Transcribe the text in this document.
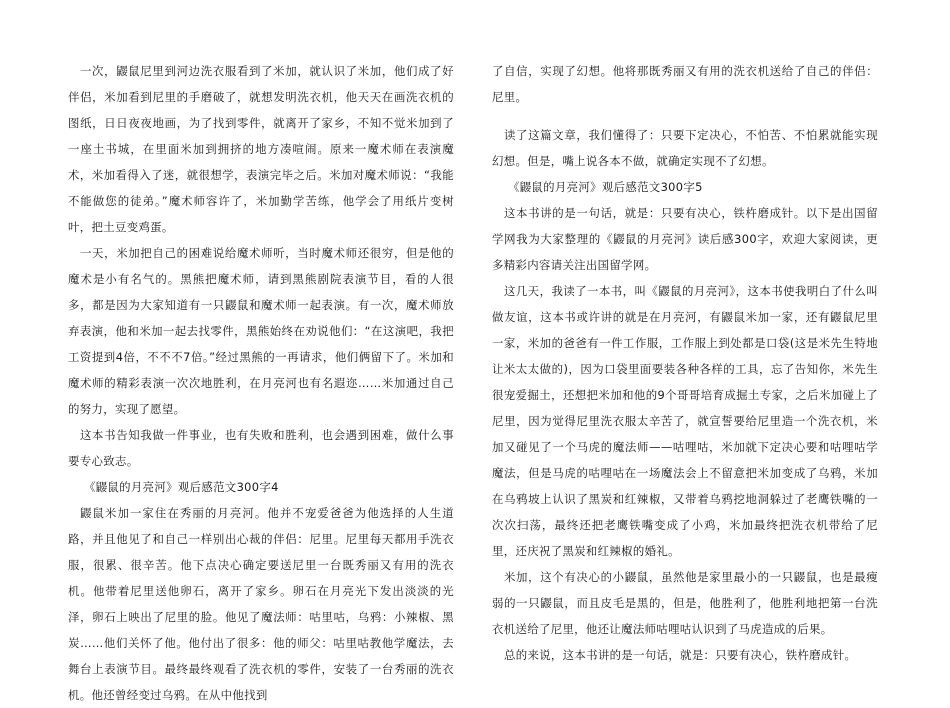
一次，鼹鼠尼里到河边洗衣服看到了米加，就认识了米加，他们成了好伴侣，米加看到尼里的手磨破了，就想发明洗衣机，他天天在画洗衣机的图纸，日日夜夜地画，为了找到零件，就离开了家乡，不知不觉米加到了一座土书城，在里面米加到拥挤的地方凑喧闹。原来一魔术师在表演魔术，米加看得入了迷，就很想学，表演完毕之后。米加对魔术师说：“我能不能做您的徒弟。”魔术师容许了，米加勤学苦练，他学会了用纸片变树叶，把土豆变鸡蛋。

一天，米加把自己的困难说给魔术师听，当时魔术师还很穷，但是他的魔术是小有名气的。黑熊把魔术师，请到黑熊剧院表演节目，看的人很多，都是因为大家知道有一只鼹鼠和魔术师一起表演。有一次，魔术师放弃表演，他和米加一起去找零件，黑熊始终在劝说他们：“在这演吧，我把工资提到4倍，不不不7倍。”经过黑熊的一再请求，他们俩留下了。米加和魔术师的精彩表演一次次地胜利，在月亮河也有名遐迩……米加通过自己的努力，实现了愿望。

这本书告知我做一件事业，也有失败和胜利，也会遇到困难，做什么事要专心致志。

《鼹鼠的月亮河》观后感范文300字4

鼹鼠米加一家住在秀丽的月亮河。他并不宠爱爸爸为他选择的人生道路，并且他见了和自己一样别出心裁的伴侣：尼里。尼里每天都用手洗衣服，很累、很辛苦。他下点决心确定要送尼里一台既秀丽又有用的洗衣机。他带着尼里送他卵石，离开了家乡。卵石在月亮光下发出淡淡的光泽，卵石上映出了尼里的脸。他见了魔法师：咕里咕，乌鸦：小辣椒、黑炭……他们关怀了他。他付出了很多：他的师父：咕里咕教他学魔法，去舞台上表演节目。最终最终观看了洗衣机的零件，安装了一台秀丽的洗衣机。他还曾经变过乌鸦。在从中他找到

了自信，实现了幻想。他将那既秀丽又有用的洗衣机送给了自己的伴侣：尼里。

读了这篇文章，我们懂得了：只要下定决心，不怕苦、不怕累就能实现幻想。但是，嘴上说各本不做，就确定实现不了幻想。

《鼹鼠的月亮河》观后感范文300字5

这本书讲的是一句话，就是：只要有决心，铁杵磨成针。以下是出国留学网我为大家整理的《鼹鼠的月亮河》读后感300字，欢迎大家阅读，更多精彩内容请关注出国留学网。

这几天，我读了一本书，叫《鼹鼠的月亮河》，这本书使我明白了什么叫做友谊，这本书或许讲的就是在月亮河，有鼹鼠米加一家，还有鼹鼠尼里一家，米加的爸爸有一件工作服，工作服上到处都是口袋(这是米先生特地让米太太做的)，因为口袋里面要装各种各样的工具，忘了告知你，米先生很宠爱掘土，还想把米加和他的9个哥哥培育成掘土专家，之后米加碰上了尼里，因为觉得尼里洗衣服太辛苦了，就宣誓要给尼里造一个洗衣机，米加又碰见了一个马虎的魔法师——咕哩咕，米加就下定决心要和咕哩咕学魔法，但是马虎的咕哩咕在一场魔法会上不留意把米加变成了乌鸦，米加在乌鸦坡上认识了黑炭和红辣椒，又带着乌鸦挖地洞躲过了老鹰铁嘴的一次次扫荡，最终还把老鹰铁嘴变成了小鸡，米加最终把洗衣机带给了尼里，还庆祝了黑炭和红辣椒的婚礼。

米加，这个有决心的小鼹鼠，虽然他是家里最小的一只鼹鼠，也是最瘦弱的一只鼹鼠，而且皮毛是黑的，但是，他胜利了，他胜利地把第一台洗衣机送给了尼里，他还让魔法师咕哩咕认识到了马虎造成的后果。

总的来说，这本书讲的是一句话，就是：只要有决心，铁杵磨成针。
